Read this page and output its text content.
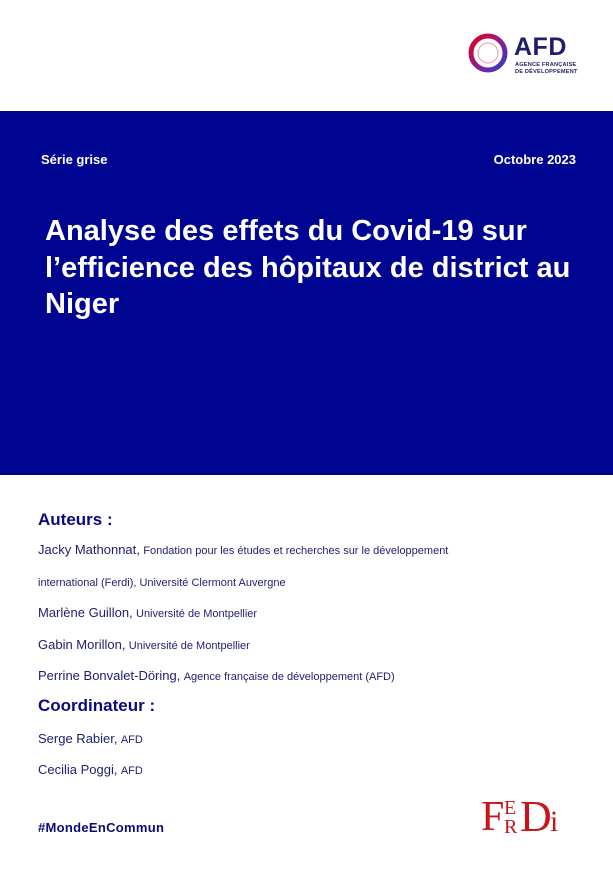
AFD
AGENCE FRANÇAISE
DE DÉVELOPPEMENT
Série grise	Octobre 2023
Analyse des effets du Covid-19 sur l’efficience des hôpitaux de district au Niger
Auteurs :
Jacky Mathonnat, Fondation pour les études et recherches sur le développement
international (Ferdi), Université Clermont Auvergne
Marlène Guillon, Université de Montpellier
Gabin Morillon, Université de Montpellier
Perrine Bonvalet-Döring, Agence française de développement (AFD)
Coordinateur :
Serge Rabier, AFD
Cecilia Poggi, AFD
#MondeEnCommun	F E
R D
i
